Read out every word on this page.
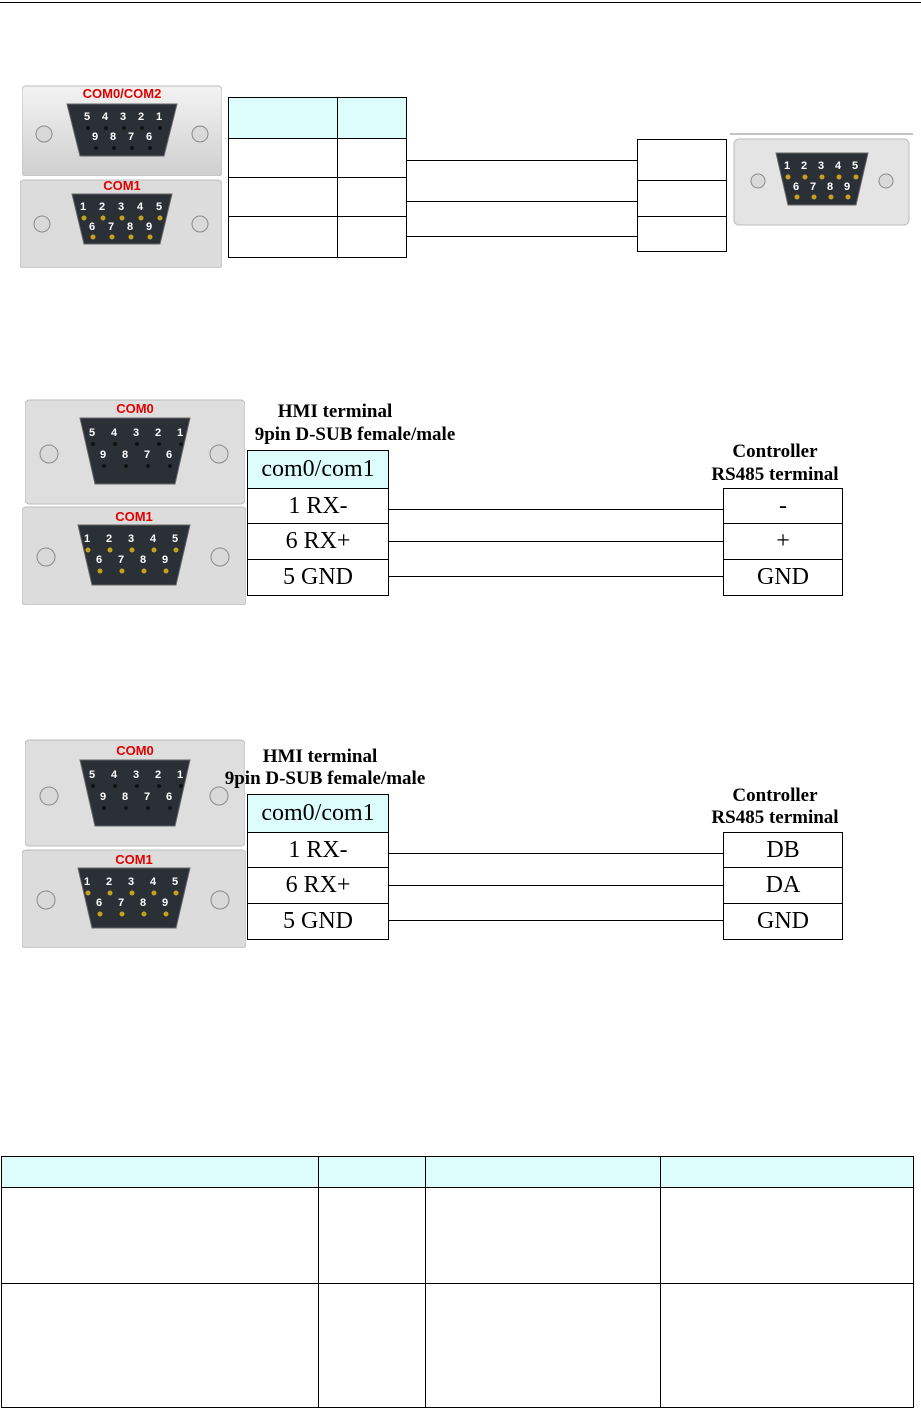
COM0/COM2
5 4 3 2 1
9 8 7 6
COM1
1 2 3 4 5
6 7 8 9
1 2 3 4 5
6 7 8 9
COM0
5 4 3 2 1
9 8 7 6
COM1
1 2 3 4 5
6 7 8 9
HMI terminal
9pin D-SUB female/male
Controller
RS485 terminal
com0/com1
1 RX-
6 RX+
5 GND
-
+
GND
COM0
5 4 3 2 1
9 8 7 6
COM1
1 2 3 4 5
6 7 8 9
HMI terminal
9pin D-SUB female/male
Controller
RS485 terminal
com0/com1
1 RX-
6 RX+
5 GND
DB
DA
GND
